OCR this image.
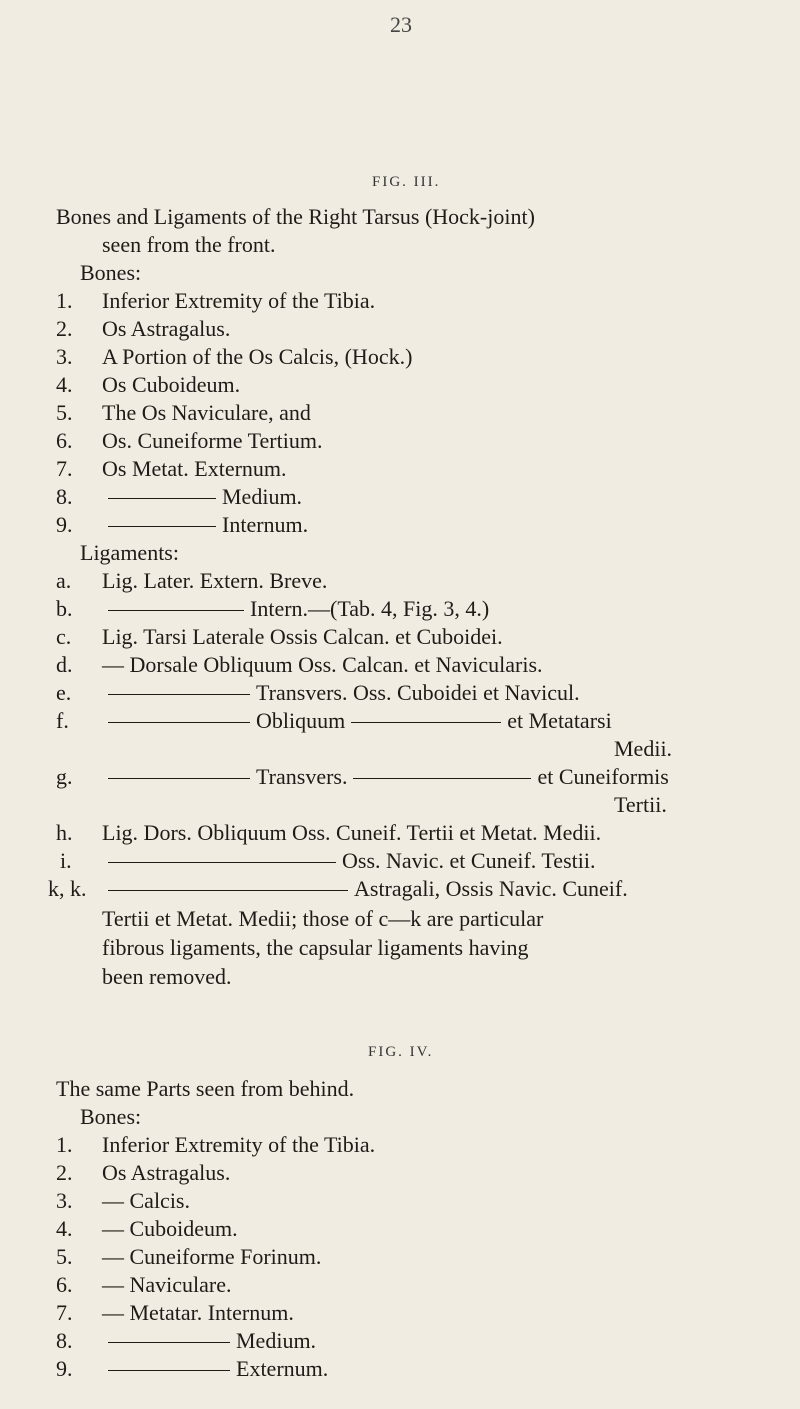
23
FIG. III.
Bones and Ligaments of the Right Tarsus (Hock-joint)
seen from the front.
Bones:
1. Inferior Extremity of the Tibia.
2. Os Astragalus.
3. A Portion of the Os Calcis, (Hock.)
4. Os Cuboideum.
5. The Os Naviculare, and
6. Os. Cuneiforme Tertium.
7. Os Metat. Externum.
8.	Medium.
9.	Internum.
Ligaments:
a. Lig. Later. Extern. Breve.
b.	Intern.—(Tab. 4, Fig. 3, 4.)
c. Lig. Tarsi Laterale Ossis Calcan. et Cuboidei.
d. — Dorsale Obliquum Oss. Calcan. et Navicularis.
e.	Transvers. Oss. Cuboidei et Navicul.
f.	Obliquum	et Metatarsi
Medii.
g.	Transvers.	et Cuneiformis
Tertii.
h. Lig. Dors. Obliquum Oss. Cuneif. Tertii et Metat. Medii.
i.	Oss. Navic. et Cuneif. Testii.
k, k.	Astragali, Ossis Navic. Cuneif.
Tertii et Metat. Medii; those of c—k are particular
fibrous ligaments, the capsular ligaments having
been removed.
FIG. IV.
The same Parts seen from behind.
Bones:
1. Inferior Extremity of the Tibia.
2. Os Astragalus.
3. — Calcis.
4. — Cuboideum.
5. — Cuneiforme Forinum.
6. — Naviculare.
7. — Metatar. Internum.
8.	Medium.
9.	Externum.
